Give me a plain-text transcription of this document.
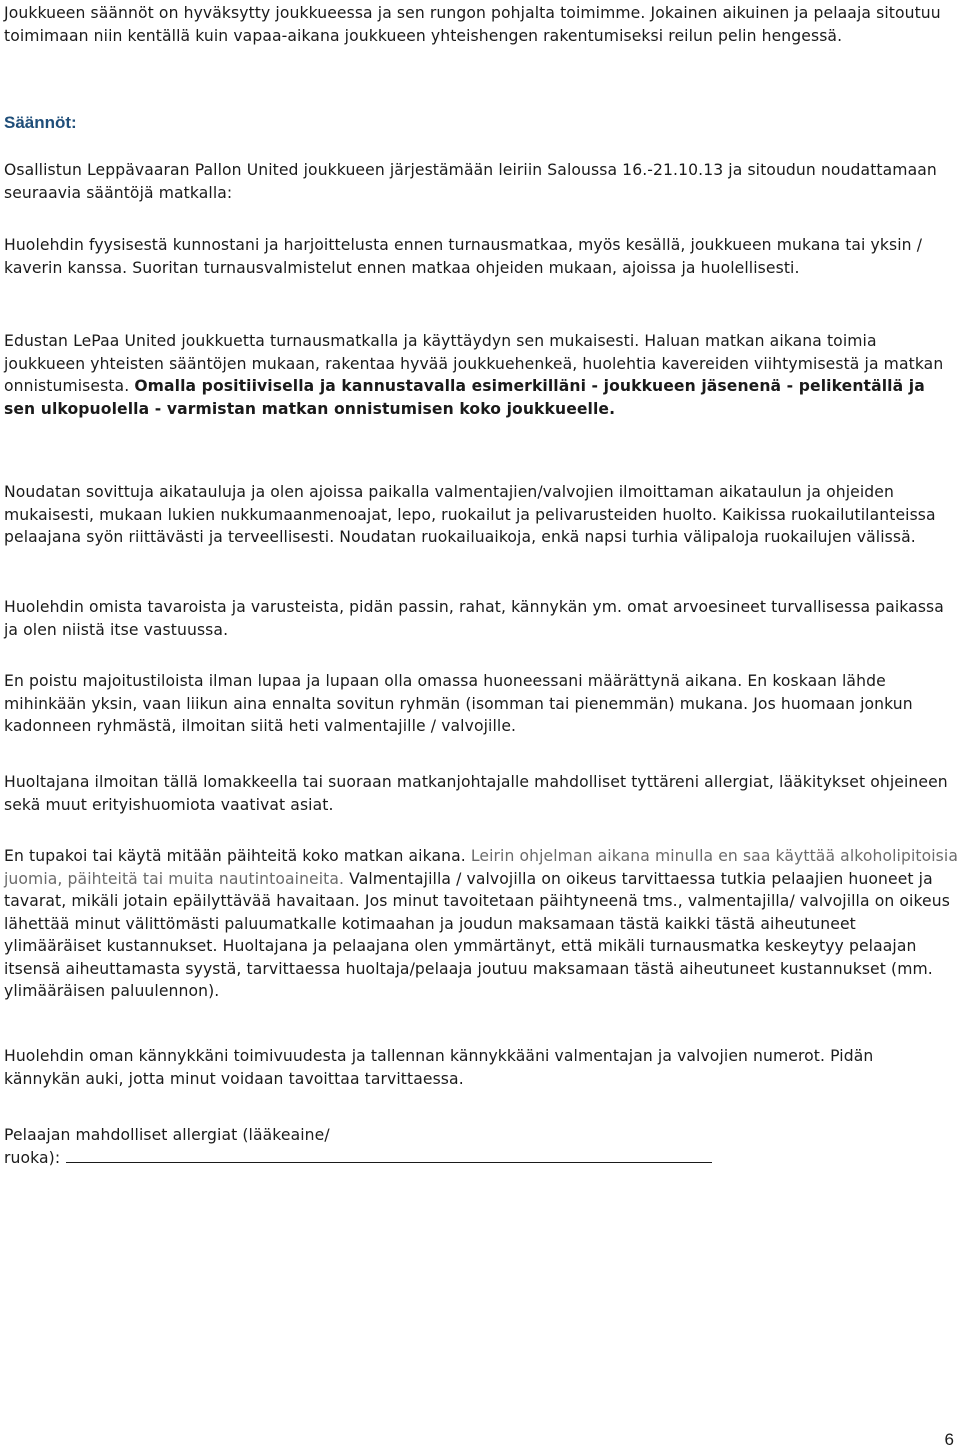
Joukkueen säännöt on hyväksytty joukkueessa ja sen rungon pohjalta toimimme. Jokainen aikuinen ja pelaaja sitoutuu toimimaan niin kentällä kuin vapaa-aikana joukkueen yhteishengen rakentumiseksi reilun pelin hengessä.

Säännöt:

Osallistun Leppävaaran Pallon United joukkueen järjestämään leiriin Saloussa 16.-21.10.13 ja sitoudun noudattamaan seuraavia sääntöjä matkalla:

Huolehdin fyysisestä kunnostani ja harjoittelusta ennen turnausmatkaa, myös kesällä, joukkueen mukana tai yksin / kaverin kanssa. Suoritan turnausvalmistelut ennen matkaa ohjeiden mukaan, ajoissa ja huolellisesti.

Edustan LePaa United joukkuetta turnausmatkalla ja käyttäydyn sen mukaisesti. Haluan matkan aikana toimia joukkueen yhteisten sääntöjen mukaan, rakentaa hyvää joukkuehenkeä, huolehtia kavereiden viihtymisestä ja matkan onnistumisesta. Omalla positiivisella ja kannustavalla esimerkilläni - joukkueen jäsenenä - pelikentällä ja sen ulkopuolella - varmistan matkan onnistumisen koko joukkueelle.

Noudatan sovittuja aikatauluja ja olen ajoissa paikalla valmentajien/valvojien ilmoittaman aikataulun ja ohjeiden mukaisesti, mukaan lukien nukkumaanmenoajat, lepo, ruokailut ja pelivarusteiden huolto. Kaikissa ruokailutilanteissa pelaajana syön riittävästi ja terveellisesti. Noudatan ruokailuaikoja, enkä napsi turhia välipaloja ruokailujen välissä.

Huolehdin omista tavaroista ja varusteista, pidän passin, rahat, kännykän ym. omat arvoesineet turvallisessa paikassa ja olen niistä itse vastuussa.

En poistu majoitustiloista ilman lupaa ja lupaan olla omassa huoneessani määrättynä aikana. En koskaan lähde mihinkään yksin, vaan liikun aina ennalta sovitun ryhmän (isomman tai pienemmän) mukana. Jos huomaan jonkun kadonneen ryhmästä, ilmoitan siitä heti valmentajille / valvojille.

Huoltajana ilmoitan tällä lomakkeella tai suoraan matkanjohtajalle mahdolliset tyttäreni allergiat, lääkitykset ohjeineen sekä muut erityishuomiota vaativat asiat.

En tupakoi tai käytä mitään päihteitä koko matkan aikana. Leirin ohjelman aikana minulla en saa käyttää alkoholipitoisia juomia, päihteitä tai muita nautintoaineita. Valmentajilla / valvojilla on oikeus tarvittaessa tutkia pelaajien huoneet ja tavarat, mikäli jotain epäilyttävää havaitaan. Jos minut tavoitetaan päihtyneenä tms., valmentajilla/ valvojilla on oikeus lähettää minut välittömästi paluumatkalle kotimaahan ja joudun maksamaan tästä kaikki tästä aiheutuneet ylimääräiset kustannukset. Huoltajana ja pelaajana olen ymmärtänyt, että mikäli turnausmatka keskeytyy pelaajan itsensä aiheuttamasta syystä, tarvittaessa huoltaja/pelaaja joutuu maksamaan tästä aiheutuneet kustannukset (mm. ylimääräisen paluulennon).

Huolehdin oman kännykkäni toimivuudesta ja tallennan kännykkääni valmentajan ja valvojien numerot. Pidän kännykän auki, jotta minut voidaan tavoittaa tarvittaessa.

Pelaajan mahdolliset allergiat (lääkeaine/
ruoka):

6
